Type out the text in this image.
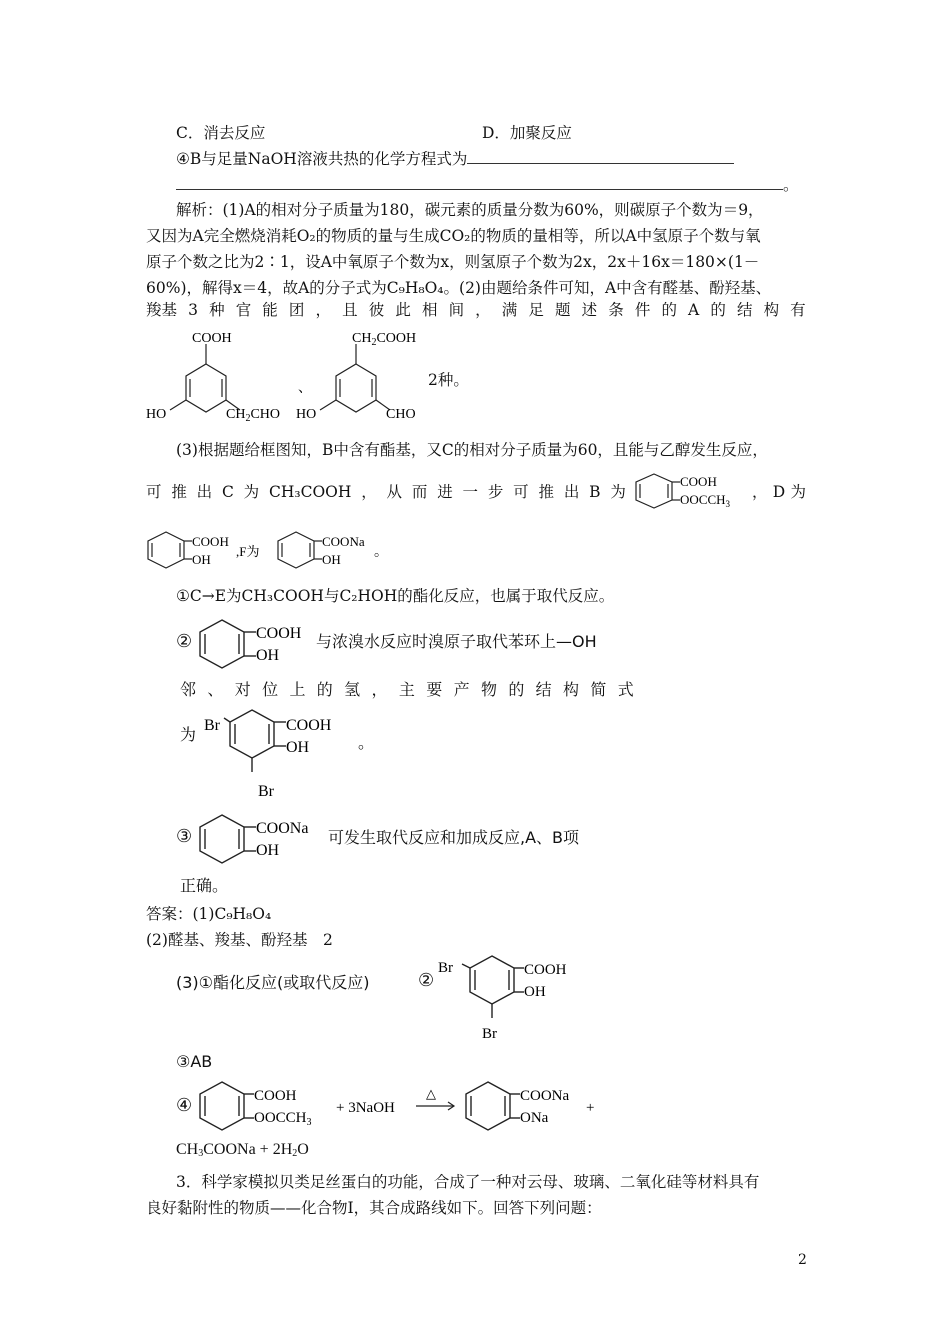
C．消去反应	D．加聚反应
④B与足量NaOH溶液共热的化学方程式为
。
解析：(1)A的相对分子质量为180，碳元素的质量分数为60%，则碳原子个数为＝9，
又因为A完全燃烧消耗O₂的物质的量与生成CO₂的物质的量相等，所以A中氢原子个数与氧
原子个数之比为2∶1，设A中氧原子个数为x，则氢原子个数为2x，2x＋16x＝180×(1－
60%)，解得x＝4，故A的分子式为C₉H₈O₄。(2)由题给条件可知，A中含有醛基、酚羟基、
羧基 3 种 官 能 团 ， 且 彼 此 相 间 ， 满 足 题 述 条 件 的 A 的 结 构 有
COOH
HO	$CH_2CHO$
、
$CH_2COOH$
HO	CHO
2种。
(3)根据题给框图知，B中含有酯基，又C的相对分子质量为60，且能与乙醇发生反应，
可 推 出 C 为 CH₃COOH ， 从 而 进 一 步 可 推 出 B 为
COOH
$OOCCH_3$
， D 为
COOH
OH
,F为
COONa
OH 。
①C→E为CH₃COOH与C₂HOH的酯化反应，也属于取代反应。
②	COOH
OH
与浓溴水反应时溴原子取代苯环上—OH
邻 、 对 位 上 的 氢 ， 主 要 产 物 的 结 构 简 式
为 Br	COOH
OH
Br
。
③	COONa
OH
可发生取代反应和加成反应,A、B项
正确。
答案：(1)C₉H₈O₄
(2)醛基、羧基、酚羟基　2
(3)①酯化反应(或取代反应)	②
Br	COOH
OH
Br
③AB
④	COOH
$OOCCH_3$
+ 3NaOH
△	COONa
ONa
+
$CH_3COONa + 2H_2O$
3．科学家模拟贝类足丝蛋白的功能，合成了一种对云母、玻璃、二氧化硅等材料具有
良好黏附性的物质——化合物I，其合成路线如下。回答下列问题：
2
